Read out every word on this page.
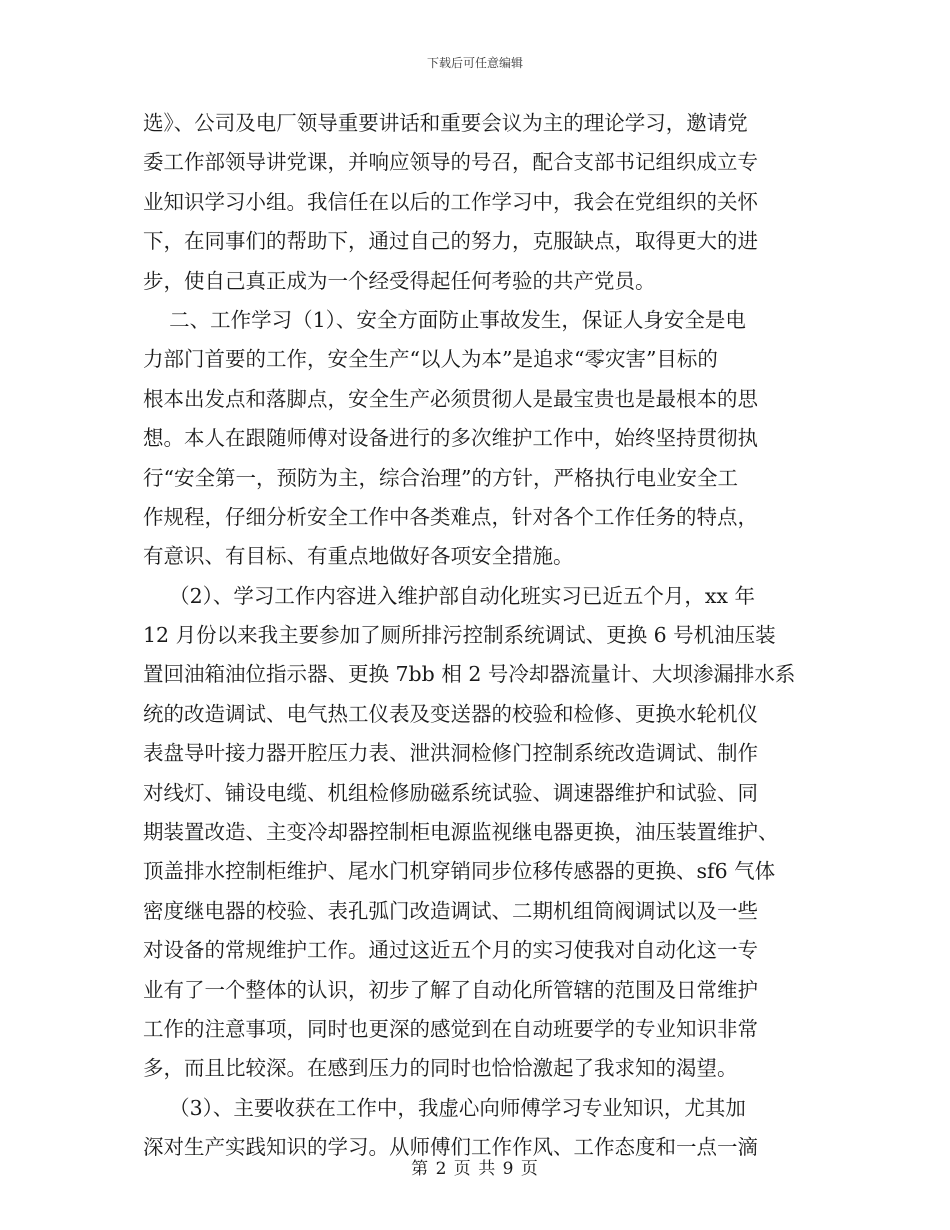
下载后可任意编辑
选》、公司及电厂领导重要讲话和重要会议为主的理论学习，邀请党
委工作部领导讲党课，并响应领导的号召，配合支部书记组织成立专
业知识学习小组。我信任在以后的工作学习中，我会在党组织的关怀
下，在同事们的帮助下，通过自己的努力，克服缺点，取得更大的进
步，使自己真正成为一个经受得起任何考验的共产党员。
二、工作学习（1）、安全方面防止事故发生，保证人身安全是电
力部门首要的工作，安全生产“以人为本”是追求“零灾害”目标的
根本出发点和落脚点，安全生产必须贯彻人是最宝贵也是最根本的思
想。本人在跟随师傅对设备进行的多次维护工作中，始终坚持贯彻执
行“安全第一，预防为主，综合治理”的方针，严格执行电业安全工
作规程，仔细分析安全工作中各类难点，针对各个工作任务的特点，
有意识、有目标、有重点地做好各项安全措施。
（2）、学习工作内容进入维护部自动化班实习已近五个月，xx 年
12 月份以来我主要参加了厕所排污控制系统调试、更换 6 号机油压装
置回油箱油位指示器、更换 7bb 相 2 号冷却器流量计、大坝渗漏排水系
统的改造调试、电气热工仪表及变送器的校验和检修、更换水轮机仪
表盘导叶接力器开腔压力表、泄洪洞检修门控制系统改造调试、制作
对线灯、铺设电缆、机组检修励磁系统试验、调速器维护和试验、同
期装置改造、主变冷却器控制柜电源监视继电器更换，油压装置维护、
顶盖排水控制柜维护、尾水门机穿销同步位移传感器的更换、sf6 气体
密度继电器的校验、表孔弧门改造调试、二期机组筒阀调试以及一些
对设备的常规维护工作。通过这近五个月的实习使我对自动化这一专
业有了一个整体的认识，初步了解了自动化所管辖的范围及日常维护
工作的注意事项，同时也更深的感觉到在自动班要学的专业知识非常
多，而且比较深。在感到压力的同时也恰恰激起了我求知的渴望。
（3）、主要收获在工作中，我虚心向师傅学习专业知识，尤其加
深对生产实践知识的学习。从师傅们工作作风、工作态度和一点一滴
第 2 页 共 9 页
